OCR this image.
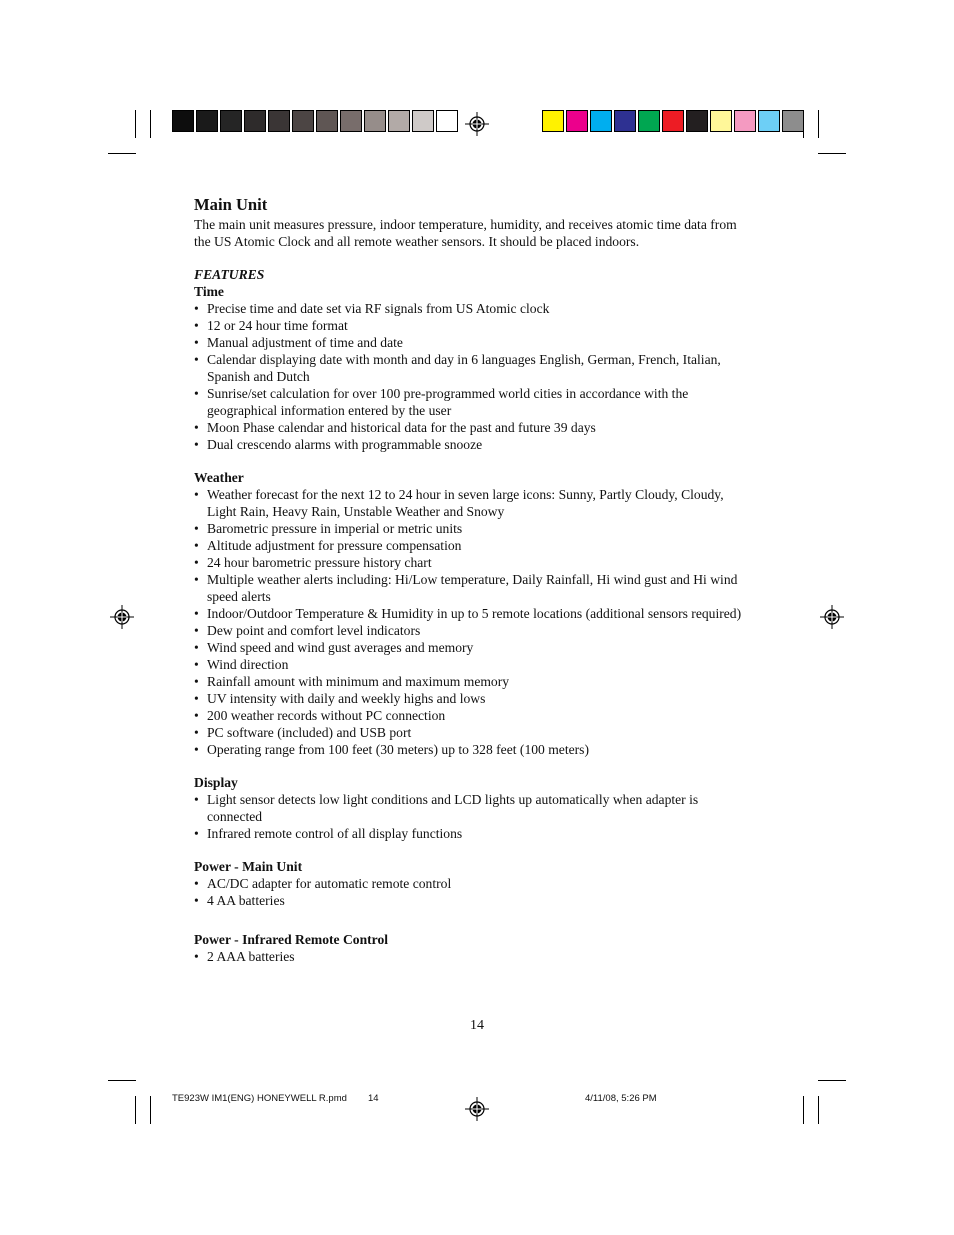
Main Unit

The main unit measures pressure, indoor temperature, humidity, and receives atomic time data from the US Atomic Clock and all remote weather sensors. It should be placed indoors.

FEATURES
Time
• Precise time and date set via RF signals from US Atomic clock
• 12 or 24 hour time format
• Manual adjustment of time and date
• Calendar displaying date with month and day in 6 languages English, German, French, Italian, Spanish and Dutch
• Sunrise/set calculation for over 100 pre-programmed world cities in accordance with the geographical information entered by the user
• Moon Phase calendar and historical data for the past and future 39 days
• Dual crescendo alarms with programmable snooze
Weather
• Weather forecast for the next 12 to 24 hour in seven large icons: Sunny, Partly Cloudy, Cloudy, Light Rain, Heavy Rain, Unstable Weather and Snowy
• Barometric pressure in imperial or metric units
• Altitude adjustment for pressure compensation
• 24 hour barometric pressure history chart
• Multiple weather alerts including: Hi/Low temperature, Daily Rainfall, Hi wind gust and Hi wind speed alerts
• Indoor/Outdoor Temperature & Humidity in up to 5 remote locations (additional sensors required)
• Dew point and comfort level indicators
• Wind speed and wind gust averages and memory
• Wind direction
• Rainfall amount with minimum and maximum memory
• UV intensity with daily and weekly highs and lows
• 200 weather records without PC connection
• PC software (included) and USB port
• Operating range from 100 feet (30 meters) up to 328 feet (100 meters)
Display
• Light sensor detects low light conditions and LCD lights up automatically when adapter is connected
• Infrared remote control of all display functions
Power - Main Unit
• AC/DC adapter for automatic remote control
• 4 AA batteries
Power - Infrared Remote Control
• 2 AAA batteries
14
TE923W IM1(ENG) HONEYWELL R.pmd 14	4/11/08, 5:26 PM
